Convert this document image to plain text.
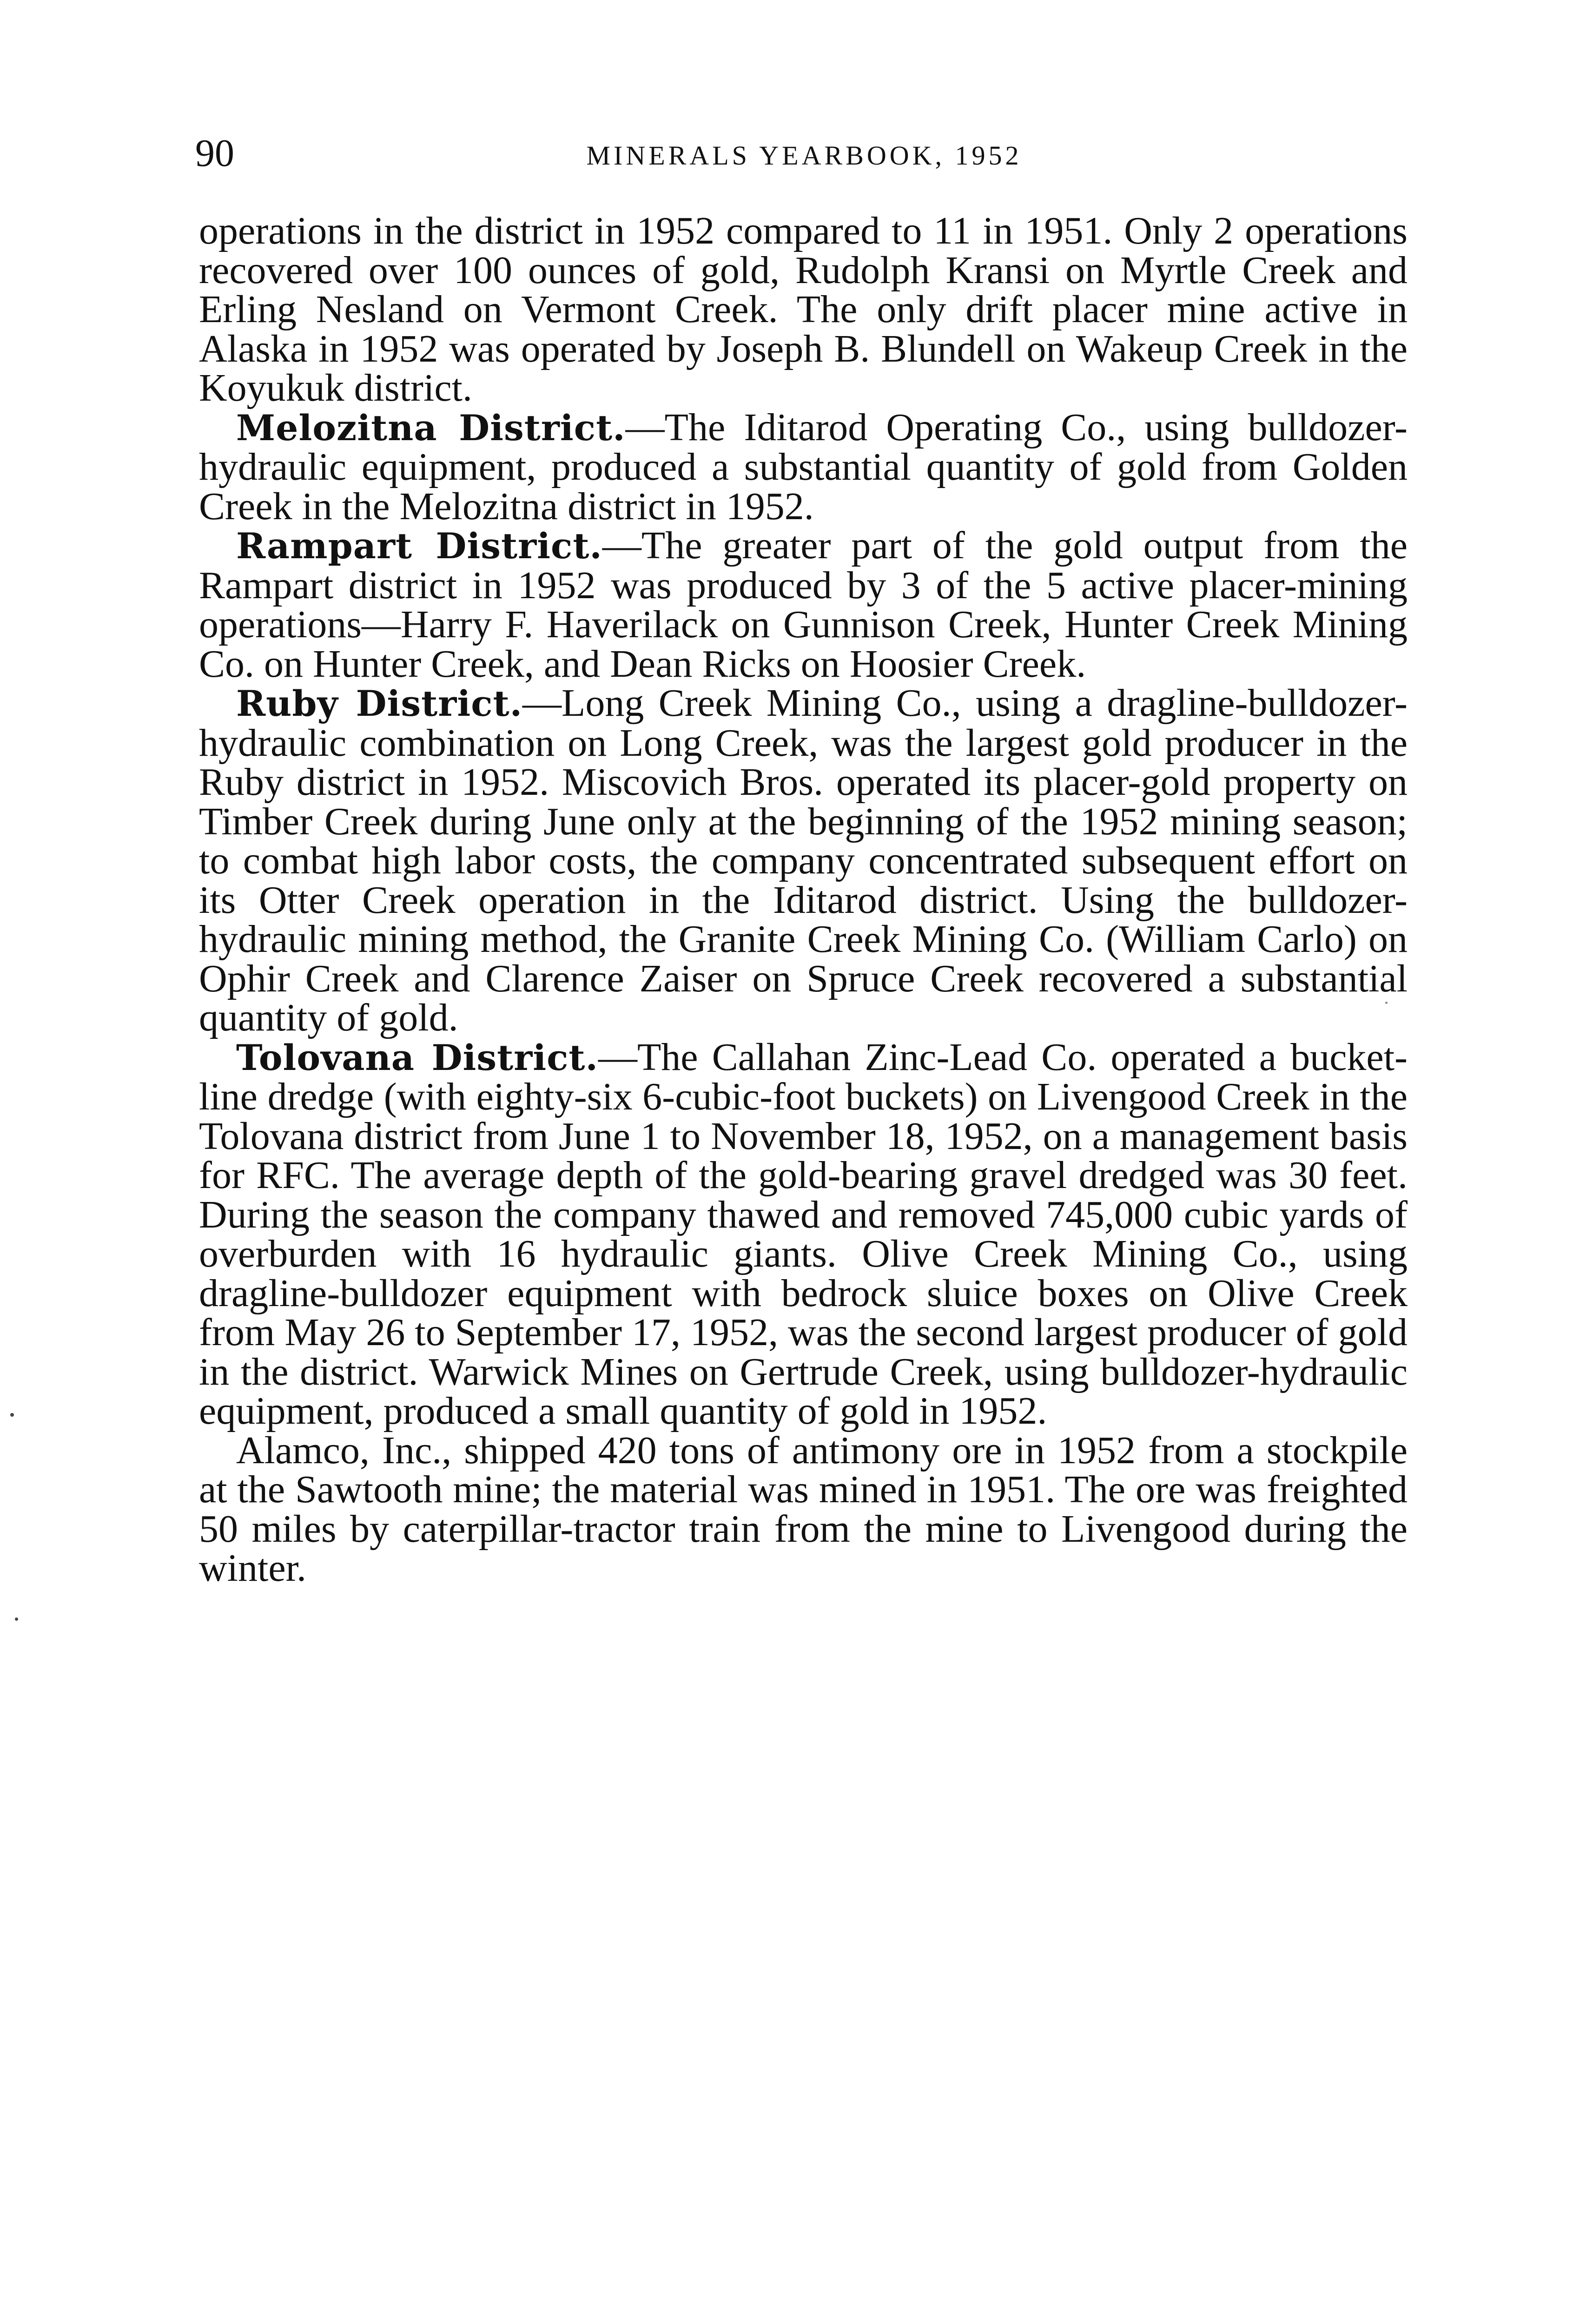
90	MINERALS YEARBOOK, 1952

operations in the district in 1952 compared to 11 in 1951. Only 2 operations recovered over 100 ounces of gold, Rudolph Kransi on Myrtle Creek and Erling Nesland on Vermont Creek. The only drift placer mine active in Alaska in 1952 was operated by Joseph B. Blundell on Wakeup Creek in the Koyukuk district.

Melozitna District.—The Iditarod Operating Co., using bulldozer-hydraulic equipment, produced a substantial quantity of gold from Golden Creek in the Melozitna district in 1952.

Rampart District.—The greater part of the gold output from the Rampart district in 1952 was produced by 3 of the 5 active placer-mining operations—Harry F. Haverilack on Gunnison Creek, Hunter Creek Mining Co. on Hunter Creek, and Dean Ricks on Hoosier Creek.

Ruby District.—Long Creek Mining Co., using a dragline-bulldozer-hydraulic combination on Long Creek, was the largest gold producer in the Ruby district in 1952. Miscovich Bros. operated its placer-gold property on Timber Creek during June only at the beginning of the 1952 mining season; to combat high labor costs, the company concentrated subsequent effort on its Otter Creek operation in the Iditarod district. Using the bulldozer-hydraulic mining method, the Granite Creek Mining Co. (William Carlo) on Ophir Creek and Clarence Zaiser on Spruce Creek recovered a substantial quantity of gold.

Tolovana District.—The Callahan Zinc-Lead Co. operated a bucket-line dredge (with eighty-six 6-cubic-foot buckets) on Livengood Creek in the Tolovana district from June 1 to November 18, 1952, on a management basis for RFC. The average depth of the gold-bearing gravel dredged was 30 feet. During the season the company thawed and removed 745,000 cubic yards of overburden with 16 hydraulic giants. Olive Creek Mining Co., using dragline-bulldozer equipment with bedrock sluice boxes on Olive Creek from May 26 to September 17, 1952, was the second largest producer of gold in the district. Warwick Mines on Gertrude Creek, using bulldozer-hydraulic equipment, produced a small quantity of gold in 1952.

Alamco, Inc., shipped 420 tons of antimony ore in 1952 from a stockpile at the Sawtooth mine; the material was mined in 1951. The ore was freighted 50 miles by caterpillar-tractor train from the mine to Livengood during the winter.
